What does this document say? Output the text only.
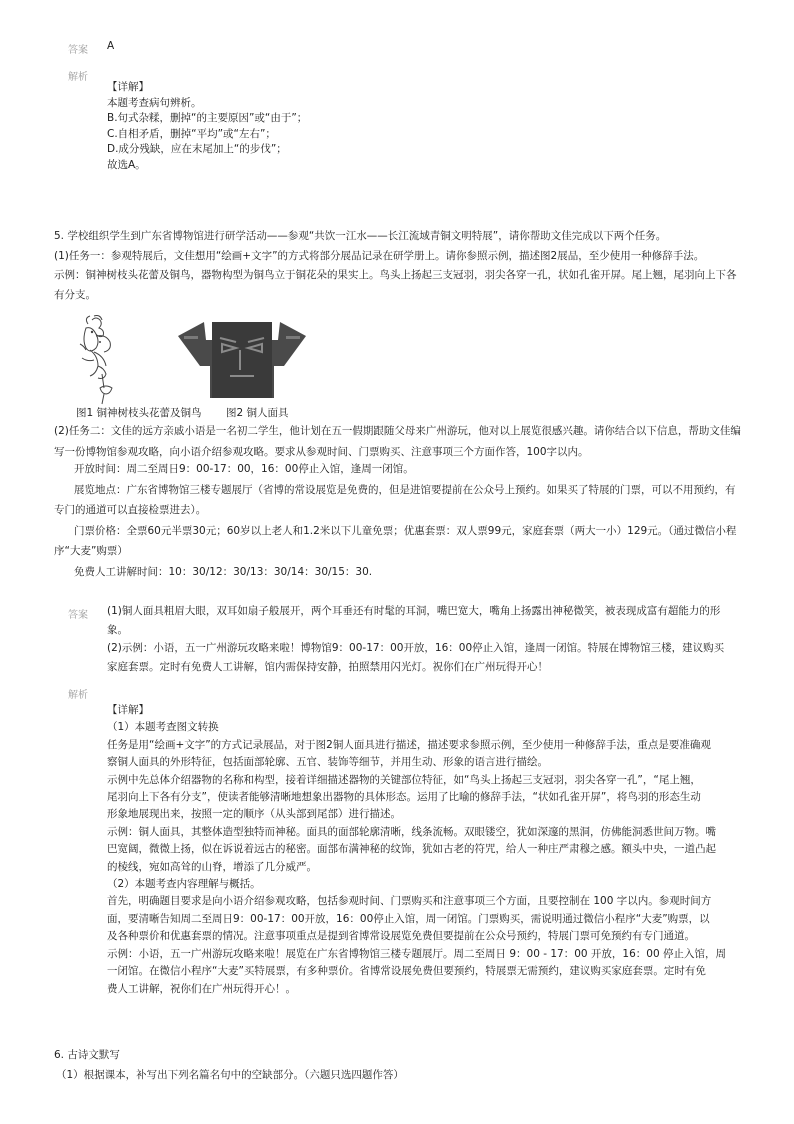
答案 A
解析

【详解】

本题考查病句辨析。

B.句式杂糅，删掉“的主要原因”或“由于”；

C.自相矛盾，删掉“平均”或“左右”；

D.成分残缺，应在末尾加上“的步伐”；

故选A。

5. 学校组织学生到广东省博物馆进行研学活动——参观“共饮一江水——长江流域青铜文明特展”，请你帮助文佳完成以下两个任务。

(1)任务一：参观特展后，文佳想用“绘画+文字”的方式将部分展品记录在研学册上。请你参照示例，描述图2展品，至少使用一种修辞手法。

示例：铜神树枝头花蕾及铜鸟，器物构型为铜鸟立于铜花朵的果实上。鸟头上扬起三支冠羽，羽尖各穿一孔，状如孔雀开屏。尾上翘，尾羽向上下各

有分支。

图1 铜神树枝头花蕾及铜鸟 图2 铜人面具

(2)任务二：文佳的远方亲戚小语是一名初二学生，他计划在五一假期跟随父母来广州游玩，他对以上展览很感兴趣。请你结合以下信息，帮助文佳编

写一份博物馆参观攻略，向小语介绍参观攻略。要求从参观时间、门票购买、注意事项三个方面作答，100字以内。

开放时间：周二至周日9：00-17：00，16：00停止入馆，逢周一闭馆。

展览地点：广东省博物馆三楼专题展厅（省博的常设展览是免费的，但是进馆要提前在公众号上预约。如果买了特展的门票，可以不用预约，有

专门的通道可以直接检票进去）。

门票价格：全票60元半票30元；60岁以上老人和1.2米以下儿童免票；优惠套票：双人票99元，家庭套票（两大一小）129元。（通过微信小程

序“大麦”购票）

免费人工讲解时间：10：30/12：30/13：30/14：30/15：30.

答案 (1)铜人面具粗眉大眼，双耳如扇子般展开，两个耳垂还有时髦的耳洞，嘴巴宽大，嘴角上扬露出神秘微笑，被表现成富有超能力的形

象。

(2)示例：小语，五一广州游玩攻略来啦！博物馆9：00-17：00开放，16：00停止入馆，逢周一闭馆。特展在博物馆三楼，建议购买

家庭套票。定时有免费人工讲解，馆内需保持安静，拍照禁用闪光灯。祝你们在广州玩得开心！

解析

【详解】

（1）本题考查图文转换

任务是用“绘画+文字”的方式记录展品，对于图2铜人面具进行描述，描述要求参照示例，至少使用一种修辞手法，重点是要准确观

察铜人面具的外形特征，包括面部轮廓、五官、装饰等细节，并用生动、形象的语言进行描绘。

示例中先总体介绍器物的名称和构型，接着详细描述器物的关键部位特征，如“鸟头上扬起三支冠羽，羽尖各穿一孔”，“尾上翘，

尾羽向上下各有分支”，使读者能够清晰地想象出器物的具体形态。运用了比喻的修辞手法，“状如孔雀开屏”，将鸟羽的形态生动

形象地展现出来，按照一定的顺序（从头部到尾部）进行描述。

示例：铜人面具，其整体造型独特而神秘。面具的面部轮廓清晰，线条流畅。双眼镂空，犹如深邃的黑洞，仿佛能洞悉世间万物。嘴

巴宽阔，微微上扬，似在诉说着远古的秘密。面部布满神秘的纹饰，犹如古老的符咒，给人一种庄严肃穆之感。额头中央，一道凸起

的棱线，宛如高耸的山脊，增添了几分威严。

（2）本题考查内容理解与概括。

首先，明确题目要求是向小语介绍参观攻略，包括参观时间、门票购买和注意事项三个方面，且要控制在 100 字以内。参观时间方

面，要清晰告知周二至周日9：00-17：00开放，16：00停止入馆，周一闭馆。门票购买，需说明通过微信小程序“大麦”购票，以

及各种票价和优惠套票的情况。注意事项重点是提到省博常设展览免费但要提前在公众号预约，特展门票可免预约有专门通道。

示例：小语，五一广州游玩攻略来啦！展览在广东省博物馆三楼专题展厅。周二至周日 9：00 - 17：00 开放，16：00 停止入馆，周

一闭馆。在微信小程序“大麦”买特展票，有多种票价。省博常设展免费但要预约，特展票无需预约，建议购买家庭套票。定时有免

费人工讲解，祝你们在广州玩得开心！。

6. 古诗文默写
（1）根据课本，补写出下列名篇名句中的空缺部分。（六题只选四题作答）
